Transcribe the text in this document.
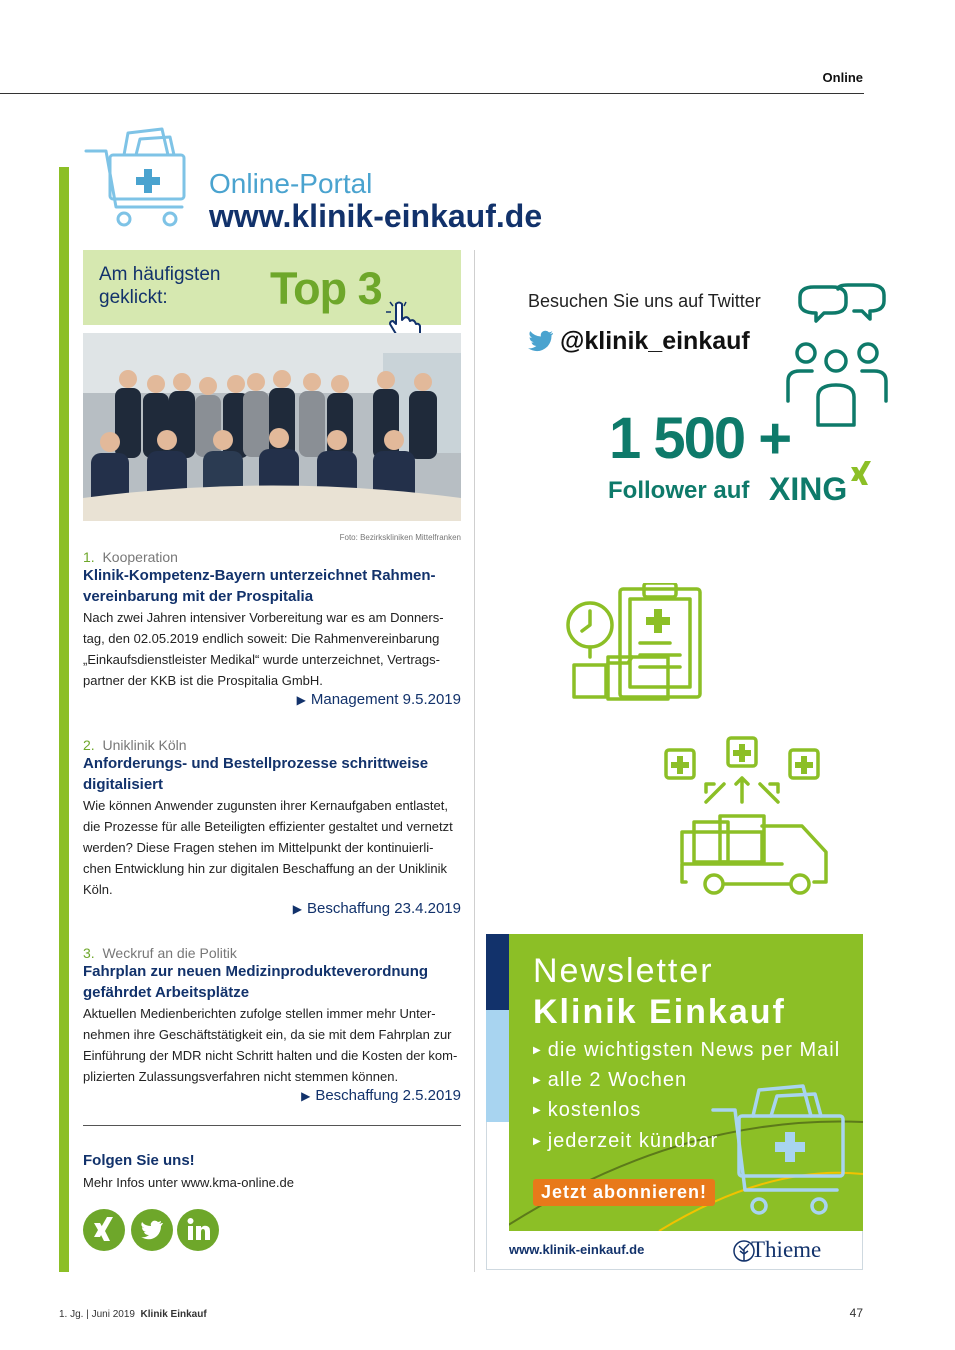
Online
Online-Portal
www.klinik-einkauf.de
Am häufigsten geklickt:	Top 3
Foto: Bezirkskliniken Mittelfranken
1. Kooperation
Klinik-Kompetenz-Bayern unterzeichnet Rahmen-
vereinbarung mit der Prospitalia
Nach zwei Jahren intensiver Vorbereitung war es am Donners-
tag, den 02.05.2019 endlich soweit: Die Rahmenvereinbarung
„Einkaufsdienstleister Medikal“ wurde unterzeichnet, Vertrags-
partner der KKB ist die Prospitalia GmbH.
▶ Management 9.5.2019
2. Uniklinik Köln
Anforderungs- und Bestellprozesse schrittweise
digitalisiert
Wie können Anwender zugunsten ihrer Kernaufgaben entlastet,
die Prozesse für alle Beteiligten effizienter gestaltet und vernetzt
werden? Diese Fragen stehen im Mittelpunkt der kontinuierli-
chen Entwicklung hin zur digitalen Beschaffung an der Uniklinik
Köln.
▶ Beschaffung 23.4.2019
3. Weckruf an die Politik
Fahrplan zur neuen Medizinprodukteverordnung
gefährdet Arbeitsplätze
Aktuellen Medienberichten zufolge stellen immer mehr Unter-
nehmen ihre Geschäftstätigkeit ein, da sie mit dem Fahrplan zur
Einführung der MDR nicht Schritt halten und die Kosten der kom-
plizierten Zulassungsverfahren nicht stemmen können.
▶ Beschaffung 2.5.2019
Folgen Sie uns!
Mehr Infos unter www.kma-online.de
Besuchen Sie uns auf Twitter
@klinik_einkauf
1 500 +
Follower auf XING
Newsletter
Klinik Einkauf
▶ die wichtigsten News per Mail
▶ alle 2 Wochen
▶ kostenlos
▶ jederzeit kündbar
Jetzt abonnieren!
www.klinik-einkauf.de	Thieme
1. Jg. | Juni 2019 Klinik Einkauf	47
